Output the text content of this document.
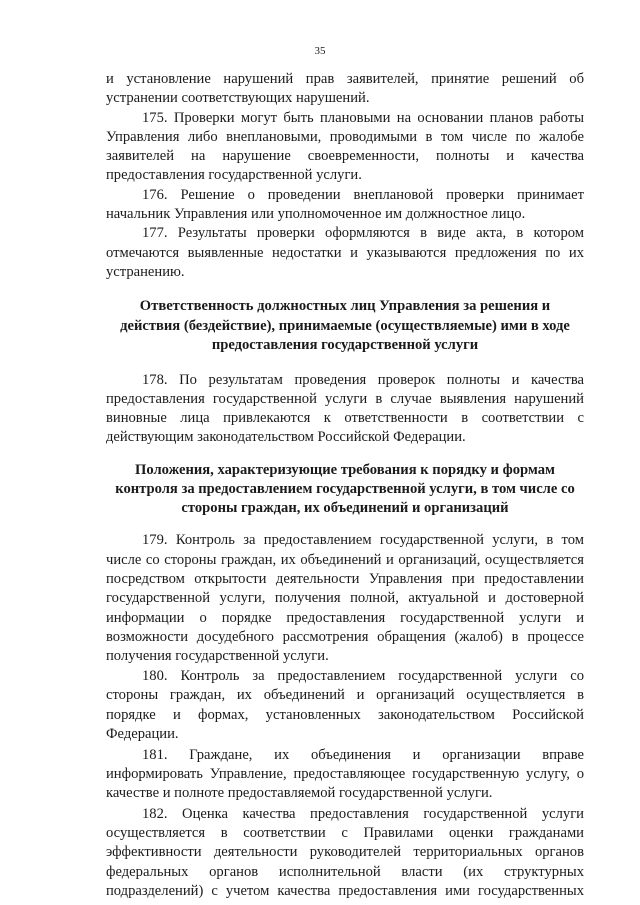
35
и установление нарушений прав заявителей, принятие решений об
устранении соответствующих нарушений.
175. Проверки могут быть плановыми на основании планов работы
Управления либо внеплановыми, проводимыми в том числе по жалобе
заявителей на нарушение своевременности, полноты и качества
предоставления государственной услуги.
176. Решение о проведении внеплановой проверки принимает
начальник Управления или уполномоченное им должностное лицо.
177. Результаты проверки оформляются в виде акта, в котором
отмечаются выявленные недостатки и указываются предложения по их
устранению.
Ответственность должностных лиц Управления за решения и
действия (бездействие), принимаемые (осуществляемые) ими в ходе
предоставления государственной услуги
178. По результатам проведения проверок полноты и качества
предоставления государственной услуги в случае выявления нарушений
виновные лица привлекаются к ответственности в соответствии с
действующим законодательством Российской Федерации.
Положения, характеризующие требования к порядку и формам
контроля за предоставлением государственной услуги, в том числе со
стороны граждан, их объединений и организаций
179. Контроль за предоставлением государственной услуги, в том
числе со стороны граждан, их объединений и организаций, осуществляется
посредством открытости деятельности Управления при предоставлении
государственной услуги, получения полной, актуальной и достоверной
информации о порядке предоставления государственной услуги и
возможности досудебного рассмотрения обращения (жалоб) в процессе
получения государственной услуги.
180. Контроль за предоставлением государственной услуги со
стороны граждан, их объединений и организаций осуществляется в
порядке и формах, установленных законодательством Российской
Федерации.
181. Граждане, их объединения и организации вправе
информировать Управление, предоставляющее государственную услугу, о
качестве и полноте предоставляемой государственной услуги.
182. Оценка качества предоставления государственной услуги
осуществляется в соответствии с Правилами оценки гражданами
эффективности деятельности руководителей территориальных органов
федеральных органов исполнительной власти (их структурных
подразделений) с учетом качества предоставления ими государственных
